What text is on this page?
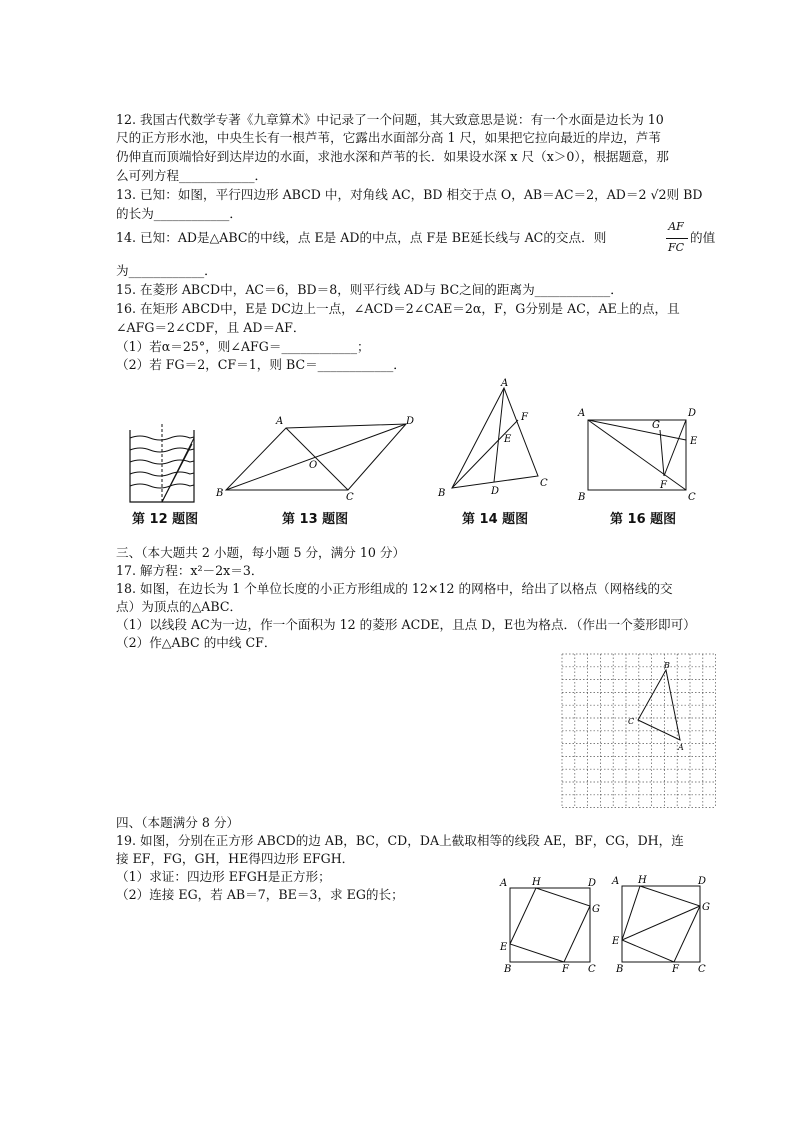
12. 我国古代数学专著《九章算术》中记录了一个问题，其大致意思是说：有一个水面是边长为 10
尺的正方形水池，中央生长有一根芦苇，它露出水面部分高 1 尺，如果把它拉向最近的岸边，芦苇
仍伸直而顶端恰好到达岸边的水面，求池水深和芦苇的长．如果设水深 x 尺（x＞0），根据题意，那
么可列方程____________．
13. 已知：如图，平行四边形 ABCD 中，对角线 AC，BD 相交于点 O，AB＝AC＝2，AD＝2 √2则 BD
的长为____________．
14. 已知：AD是△ABC的中线，点 E是 AD的中点，点 F是 BE延长线与 AC的交点．则
AF
FC
的值
为____________．
15. 在菱形 ABCD中，AC＝6，BD＝8，则平行线 AD与 BC之间的距离为____________．
16. 在矩形 ABCD中，E是 DC边上一点，∠ACD＝2∠CAE＝2α，F，G分别是 AC，AE上的点，且
∠AFG＝2∠CDF，且 AD＝AF．
（1）若α＝25°，则∠AFG＝____________；
（2）若 FG＝2，CF＝1，则 BC＝____________．
A	D
O
B	C
A
F
E
B	D
C
A	D
G
E
F
B	C
第 12 题图	第 13 题图	第 14 题图	第 16 题图
三、（本大题共 2 小题，每小题 5 分，满分 10 分）
17. 解方程：x²－2x＝3．
18. 如图，在边长为 1 个单位长度的小正方形组成的 12×12 的网格中，给出了以格点（网格线的交
点）为顶点的△ABC．
（1）以线段 AC为一边，作一个面积为 12 的菱形 ACDE，且点 D，E也为格点．（作出一个菱形即可）
（2）作△ABC 的中线 CF．
B
C
A
四、（本题满分 8 分）
19. 如图，分别在正方形 ABCD的边 AB，BC，CD，DA上截取相等的线段 AE，BF，CG，DH，连
接 EF，FG，GH，HE得四边形 EFGH．
（1）求证：四边形 EFGH是正方形；
（2）连接 EG，若 AB＝7，BE＝3，求 EG的长；
A H	D
G
E
B	F C
A H	D
G
E
B	F C
